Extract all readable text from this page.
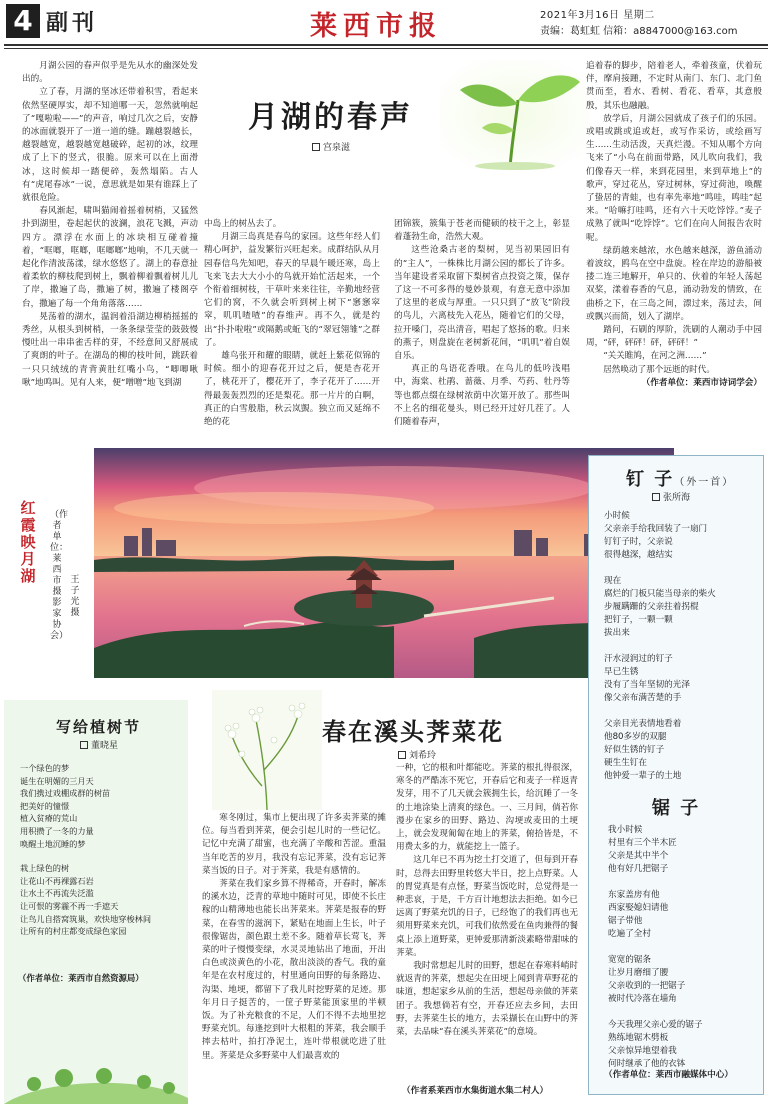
4 副刊	莱西市报	2021年3月16日 星期二
责编：葛虹虹 信箱：a8847000@163.com
月湖的春声
宫泉滋

月湖公园的春声似乎是先从水的幽深处发出的。

立了春，月湖的坚冰还带着积雪，看起来依然坚硬厚实，却不知道哪一天，忽然就响起了“嘎啦啦——”的声音，响过几次之后，安静的冰面就裂开了一道一道的缝。蹦越裂越长，越裂越宽，越裂越宽越破碎，起初的冰，纹理成了上下的竖式，很脆。原来可以在上面滑冰，这时候却一踏便碎，轰然塌陷。古人有“虎尾春冰”一说，意思就是如果有谁踩上了就很危险。

春风渐起，啸叫猫闹着摇着树梢，又猛然扑到湖里，卷起起伏的波澜，浪花飞溅，声动四方。漂浮在水面上的冰块相互碰着撞着，“哐啷，哐啷，哐啷啷”地响，不几天就一起化作清波荡漾，绿水悠悠了。湖上的春意扯着柔软的柳枝爬到树上，飘着柳着飘着树儿儿了岸，撒遍了岛，撒遍了树，撒遍了楼阁亭台，撒遍了每一个角角落落……

晃荡着的湖水，温润着沿湖边柳梢摇摇的秀丝，从根头到树梢，一条条绿莹莹的鼓鼓慢慢吐出一串串雀舌样的芽，不经意间又舒展成了爽朗的叶子。在湖岛的柳的枝叶间，跳跃着一只只绒绒的青背黄肚红嘴小鸟，“唧唧啾啾”地鸣叫。见有人来，便“噌噌”地飞到湖

中岛上的树丛去了。

月湖三岛真是春鸟的家园。这些年经人们精心呵护，益发繁衍兴旺起来。成群结队从月园春信鸟先知吧，春天的早晨午暖还寒，岛上飞来飞去大大小小的鸟就开始忙活起来，一个个衔着细树枝，干草叶来来往往，辛勤地经营它们的窝，不久就会听到树上树下“窸窸窣窣，叽叽喳喳”的春维声。再不久，就是约出“扑扑啦啦”或隔鹅或蚯飞的“翠冠翎雏”之群了。

雄鸟张开和耀的眼睛，就赶上紫花似锦的时候。细小的迎春花开过之后，便是杏花开了，桃花开了，樱花开了，李子花开了……开得最轰轰烈烈的还是梨花。那一片片的白啊，真正的白雪般脂，秋云岚覬。独立而又延绵不绝的花

团锦簇，簇集于苍老而健硕的枝干之上，彰显着蓬勃生命，浩然大观。

这些沧桑古老的梨树，见当初果园旧有的“主人”，一株株比月湖公园的都长了许多。当年建设者采取留下梨树省点投资之策，保存了这一不可多得的曼妙景观，有意无意中添加了这里的老成与厚重。一只只到了“放飞”阶段的鸟儿，六离枝先入花丛，随着它们的父母，拉开嗓门，亮出清音，唱起了悠扬的歌。归来的燕子，则盘旋在老树新花间，“叽叽”着自娱自乐。

真正的鸟语花香哦。在鸟儿的低吟浅唱中，海棠、杜鹃、蔷薇、月季、芍药、牡丹等等也都点缀在绿树浓荫中次第开放了。那些叫不上名的细花曼头，则已经开过好几茬了。人们随着春声，

追着春的脚步，陪着老人，牵着孩童，伏着玩伴，摩肩接踵，不定时从南门、东门、北门鱼贯而至，看水、看树、看花、看草，其意殷殷，其乐也融融。

放学后，月湖公园就成了孩子们的乐园。或唱或跳或追或赶，或写作采访，或绘画写生……生动活泼，天真烂漫。不知从哪个方向飞来了“小鸟在前面带路，风儿吹向我们，我们像春天一样，来到花园里，来到草地上”的歌声，穿过花丛，穿过树林，穿过荷池，唤醒了蛰居的青蛙，也有率先率地“鸣哇，鸣哇”起来。“哈嘛打哇鸣，还有六十天吃饽饽。”麦子成熟了就叫“吃饽饽”。它们在向人间报告农时呢。

绿荫越来越浓，水色越来越深，游鱼涌动着波纹，鸥鸟在空中盘旋。栓在岸边的游船被搂二连三地解开，单只的、伙着的年轻人荡起双桨，漾着春香的气息，涌动勃发的情致，在曲桥之下，在三岛之间，漂过来，荡过去，间或飘兴而简，划入了湖岸。

踏问，石刷的厚阶，洗刷的人潮动手中园周，“砰，砰砰！砰，砰砰！”

“关关睢鸠，在河之洲……”

居然唤动了那个远逝的时代。

（作者单位：莱西市诗词学会）

红霞映月湖
（作者单位：莱西市摄影家协会）
王子光 摄
钉 子（外一首）
张所海
小时候
父亲亲手给我回装了一扇门
钉钉子时，父亲说
很得越深，越结实
现在
腐烂的门板只能当母亲的柴火
步履蹒跚的父亲拄着拐棍
把钉子，一颗一颗
拔出来
汗水浸润过的钉子
早已生锈
没有了当年坚韧的光泽
像父亲布满苦楚的手
父亲目光表情地看着
他80多岁的双腿
好似生锈的钉子
硬生生钉在
他钟爱一辈子的土地
锯 子
我小时候
村里有三个半木匠
父亲是其中半个
他有好几把锯子
东家盖房有他
西家娶媳妇请他
锯子带他
吃遍了全村
宽宽的锯条
让岁月磨细了腰
父亲收到的一把锯子
被时代冷落在墙角
今天我理父亲心爱的锯子
熟练地锯木劈板
父亲惊异地望着我
何时继承了他的衣钵
（作者单位：莱西市融媒体中心）
写给植树节
董晓星
一个绿色的梦
诞生在明媚的三月天
我们携过戏棚成群的树苗
把美好的憧憬
植入贫瘠的荒山
用积攒了一冬的力量
唤醒土地沉睡的梦
栽上绿色的树
让花山不再裸露石岩
让水土不再流失泛滥
让可恨的雾霾不再一手遮天
让鸟儿自搭窝筑巢，欢快地穿梭林间
让所有的村庄都变成绿色家园
（作者单位：莱西市自然资源局）
春在溪头荠菜花
刘希玲

寒冬刚过，集市上便出现了许多卖荠菜的摊位。每当看到荠菜，便会引起儿时的一些记忆。记忆中充满了甜蜜，也充满了辛酸和苦涩。重温当年吃苦的岁月，我没有忘记荠菜，没有忘记荠菜当饭的日子。对于荠菜，我是有感情的。

荠菜在我们家乡算不得稀奇，开春时，解冻的溪水边，泛青的草地中随时可见，即使不长庄稼的山精薄地也能长出荠菜来。荠菜是报春的野菜，在春雪的滋润下，紧贴在地面上生长，叶子很像锯齿，颜色跟土差不多。随着草长莺飞，荠菜的叶子慢慢变绿，水灵灵地钻出了地面，开出白色或淡黄色的小花，散出淡淡的香气。我的童年是在农村度过的，村里通向田野的每条路边、沟渠、地埂，都留下了我儿时挖野菜的足迹。那年月日子挺苦的，一筐子野菜能顶家里的半顿饭。为了补充粮食的不足，人们不得不去地里挖野菜充饥。每逢挖到叶大根粗的荠菜，我会顺手摔去枯叶，拍打净泥土，连叶带根就吃进了肚里。荠菜是众多野菜中人们最喜欢的

一种，它的根和叶都能吃。荠菜的根扎得很深，寒冬的严酷冻不死它，开春后它和麦子一样返青发芽，用不了几天就会簇拥生长，给沉睡了一冬的土地涂染上清爽的绿色。一、三月间，倘若你漫步在家乡的田野、路边、沟埂或麦田的土埂上，就会发现匍匐在地上的荠菜，俯拾皆是，不用费太多的力，就能挖上一篮子。

这几年已不再为挖土打交道了，但每到开春时，总得去田野里转悠大半日，挖上点野菜。人的胃觉真是有点怪，野菜当饭吃时，总觉得是一种悲哀，于是，千方百计地想法去拒绝。如今已远离了野菜充饥的日子，已经饱了的我们再也无须用野菜来充饥，可我们依然爱在鱼肉兼得的餐桌上添上道野菜，更钟爱那清新淡素略带甜味的荠菜。

我时常想起儿时的田野，想起在春寒料峭时就返青的荠菜，想起尖在田埂上闻到青草野花的味道，想起家乡从前的生活，想起母亲做的荠菜团子。我想倘若有空，开春还应去乡间，去田野，去荠菜生长的地方，去采撷长在山野中的荠菜，去品味“春在溪头荠菜花”的意境。

（作者系莱西市水集街道水集二村人）
